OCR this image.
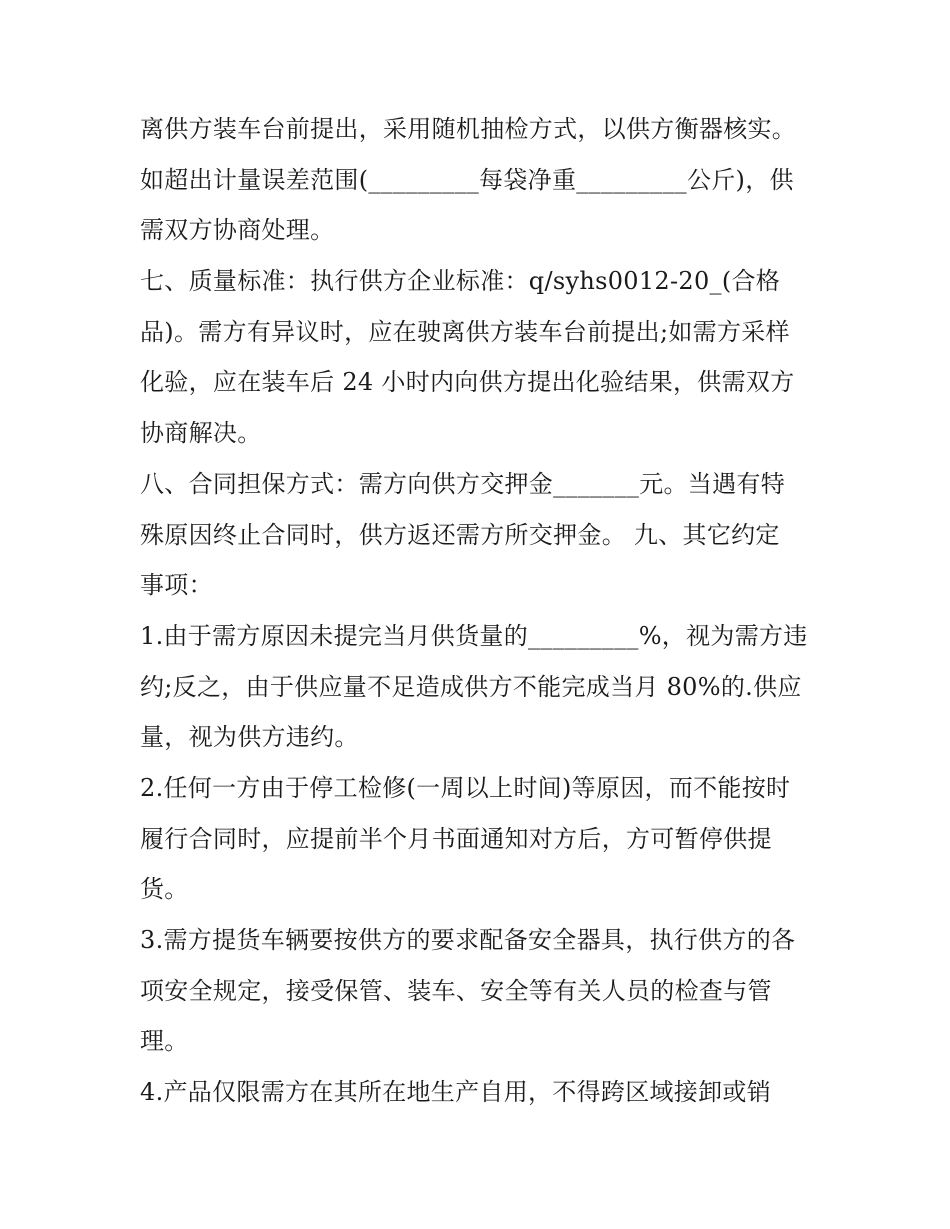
离供方装车台前提出，采用随机抽检方式，以供方衡器核实。
如超出计量误差范围(_________每袋净重_________公斤)，供
需双方协商处理。
七、质量标准：执行供方企业标准：q/syhs0012-20_(合格
品)。需方有异议时，应在驶离供方装车台前提出;如需方采样
化验，应在装车后 24 小时内向供方提出化验结果，供需双方
协商解决。
八、合同担保方式：需方向供方交押金_______元。当遇有特
殊原因终止合同时，供方返还需方所交押金。 九、其它约定
事项：
1.由于需方原因未提完当月供货量的_________%，视为需方违
约;反之，由于供应量不足造成供方不能完成当月 80%的.供应
量，视为供方违约。
2.任何一方由于停工检修(一周以上时间)等原因，而不能按时
履行合同时，应提前半个月书面通知对方后，方可暂停供提
货。
3.需方提货车辆要按供方的要求配备安全器具，执行供方的各
项安全规定，接受保管、装车、安全等有关人员的检查与管
理。
4.产品仅限需方在其所在地生产自用，不得跨区域接卸或销
